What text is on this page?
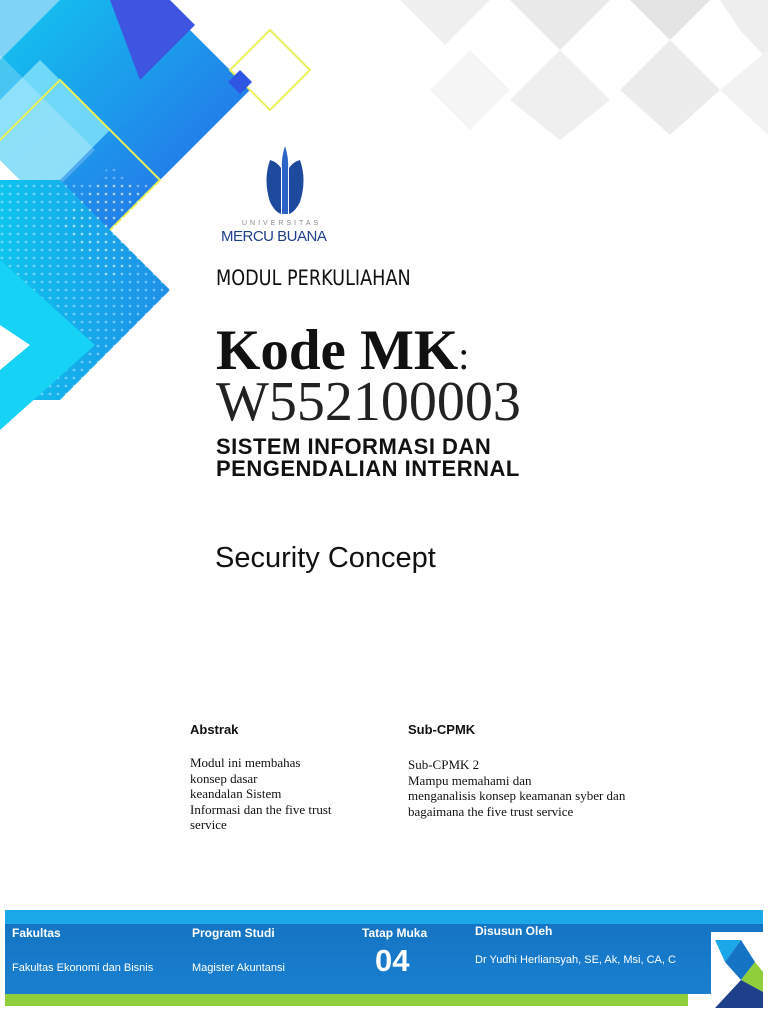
UNIVERSITAS
MERCU BUANA
MODUL PERKULIAHAN
Kode MK:
W552100003
SISTEM INFORMASI DAN
PENGENDALIAN INTERNAL
Security Concept
Abstrak
Modul ini membahas
konsep dasar
keandalan Sistem
Informasi dan the five trust
service
Sub-CPMK
Sub-CPMK 2
Mampu memahami dan
menganalisis konsep keamanan syber dan
bagaimana the five trust service
Fakultas
Fakultas Ekonomi dan Bisnis
Program Studi
Magister Akuntansi
Tatap Muka
04
Disusun Oleh
Dr Yudhi Herliansyah, SE, Ak, Msi, CA, C
